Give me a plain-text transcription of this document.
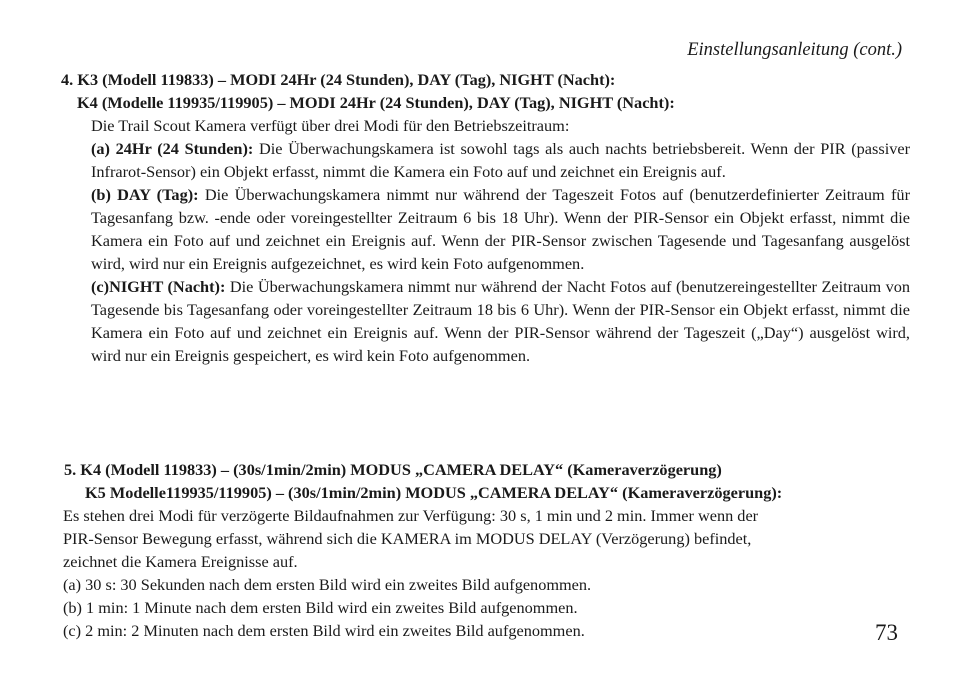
Einstellungsanleitung (cont.)
4. K3 (Modell 119833) – MODI 24Hr (24 Stunden), DAY (Tag), NIGHT (Nacht):
K4 (Modelle 119935/119905) – MODI 24Hr (24 Stunden), DAY (Tag), NIGHT (Nacht):

Die Trail Scout Kamera verfügt über drei Modi für den Betriebszeitraum:

(a) 24Hr (24 Stunden): Die Überwachungskamera ist sowohl tags als auch nachts betriebsbereit. Wenn der PIR (passiver Infrarot-Sensor) ein Objekt erfasst, nimmt die Kamera ein Foto auf und zeichnet ein Ereignis auf.

(b) DAY (Tag): Die Überwachungskamera nimmt nur während der Tageszeit Fotos auf (benutzerdefinierter Zeitraum für Tagesanfang bzw. -ende oder voreingestellter Zeitraum 6 bis 18 Uhr). Wenn der PIR-Sensor ein Objekt erfasst, nimmt die Kamera ein Foto auf und zeichnet ein Ereignis auf. Wenn der PIR-Sensor zwischen Tagesende und Tagesanfang ausgelöst wird, wird nur ein Ereignis aufgezeichnet, es wird kein Foto aufgenommen.

(c)NIGHT (Nacht): Die Überwachungskamera nimmt nur während der Nacht Fotos auf (benutzereingestellter Zeitraum von Tagesende bis Tagesanfang oder voreingestellter Zeitraum 18 bis 6 Uhr). Wenn der PIR-Sensor ein Objekt erfasst, nimmt die Kamera ein Foto auf und zeichnet ein Ereignis auf. Wenn der PIR-Sensor während der Tageszeit („Day“) ausgelöst wird, wird nur ein Ereignis gespeichert, es wird kein Foto aufgenommen.

5. K4 (Modell 119833) – (30s/1min/2min) MODUS „CAMERA DELAY“ (Kameraverzögerung)
K5 Modelle119935/119905) – (30s/1min/2min) MODUS „CAMERA DELAY“ (Kameraverzögerung):
Es stehen drei Modi für verzögerte Bildaufnahmen zur Verfügung: 30 s, 1 min und 2 min. Immer wenn der
PIR-Sensor Bewegung erfasst, während sich die KAMERA im MODUS DELAY (Verzögerung) befindet,
zeichnet die Kamera Ereignisse auf.
(a) 30 s: 30 Sekunden nach dem ersten Bild wird ein zweites Bild aufgenommen.
(b) 1 min: 1 Minute nach dem ersten Bild wird ein zweites Bild aufgenommen.
(c) 2 min: 2 Minuten nach dem ersten Bild wird ein zweites Bild aufgenommen.	73
